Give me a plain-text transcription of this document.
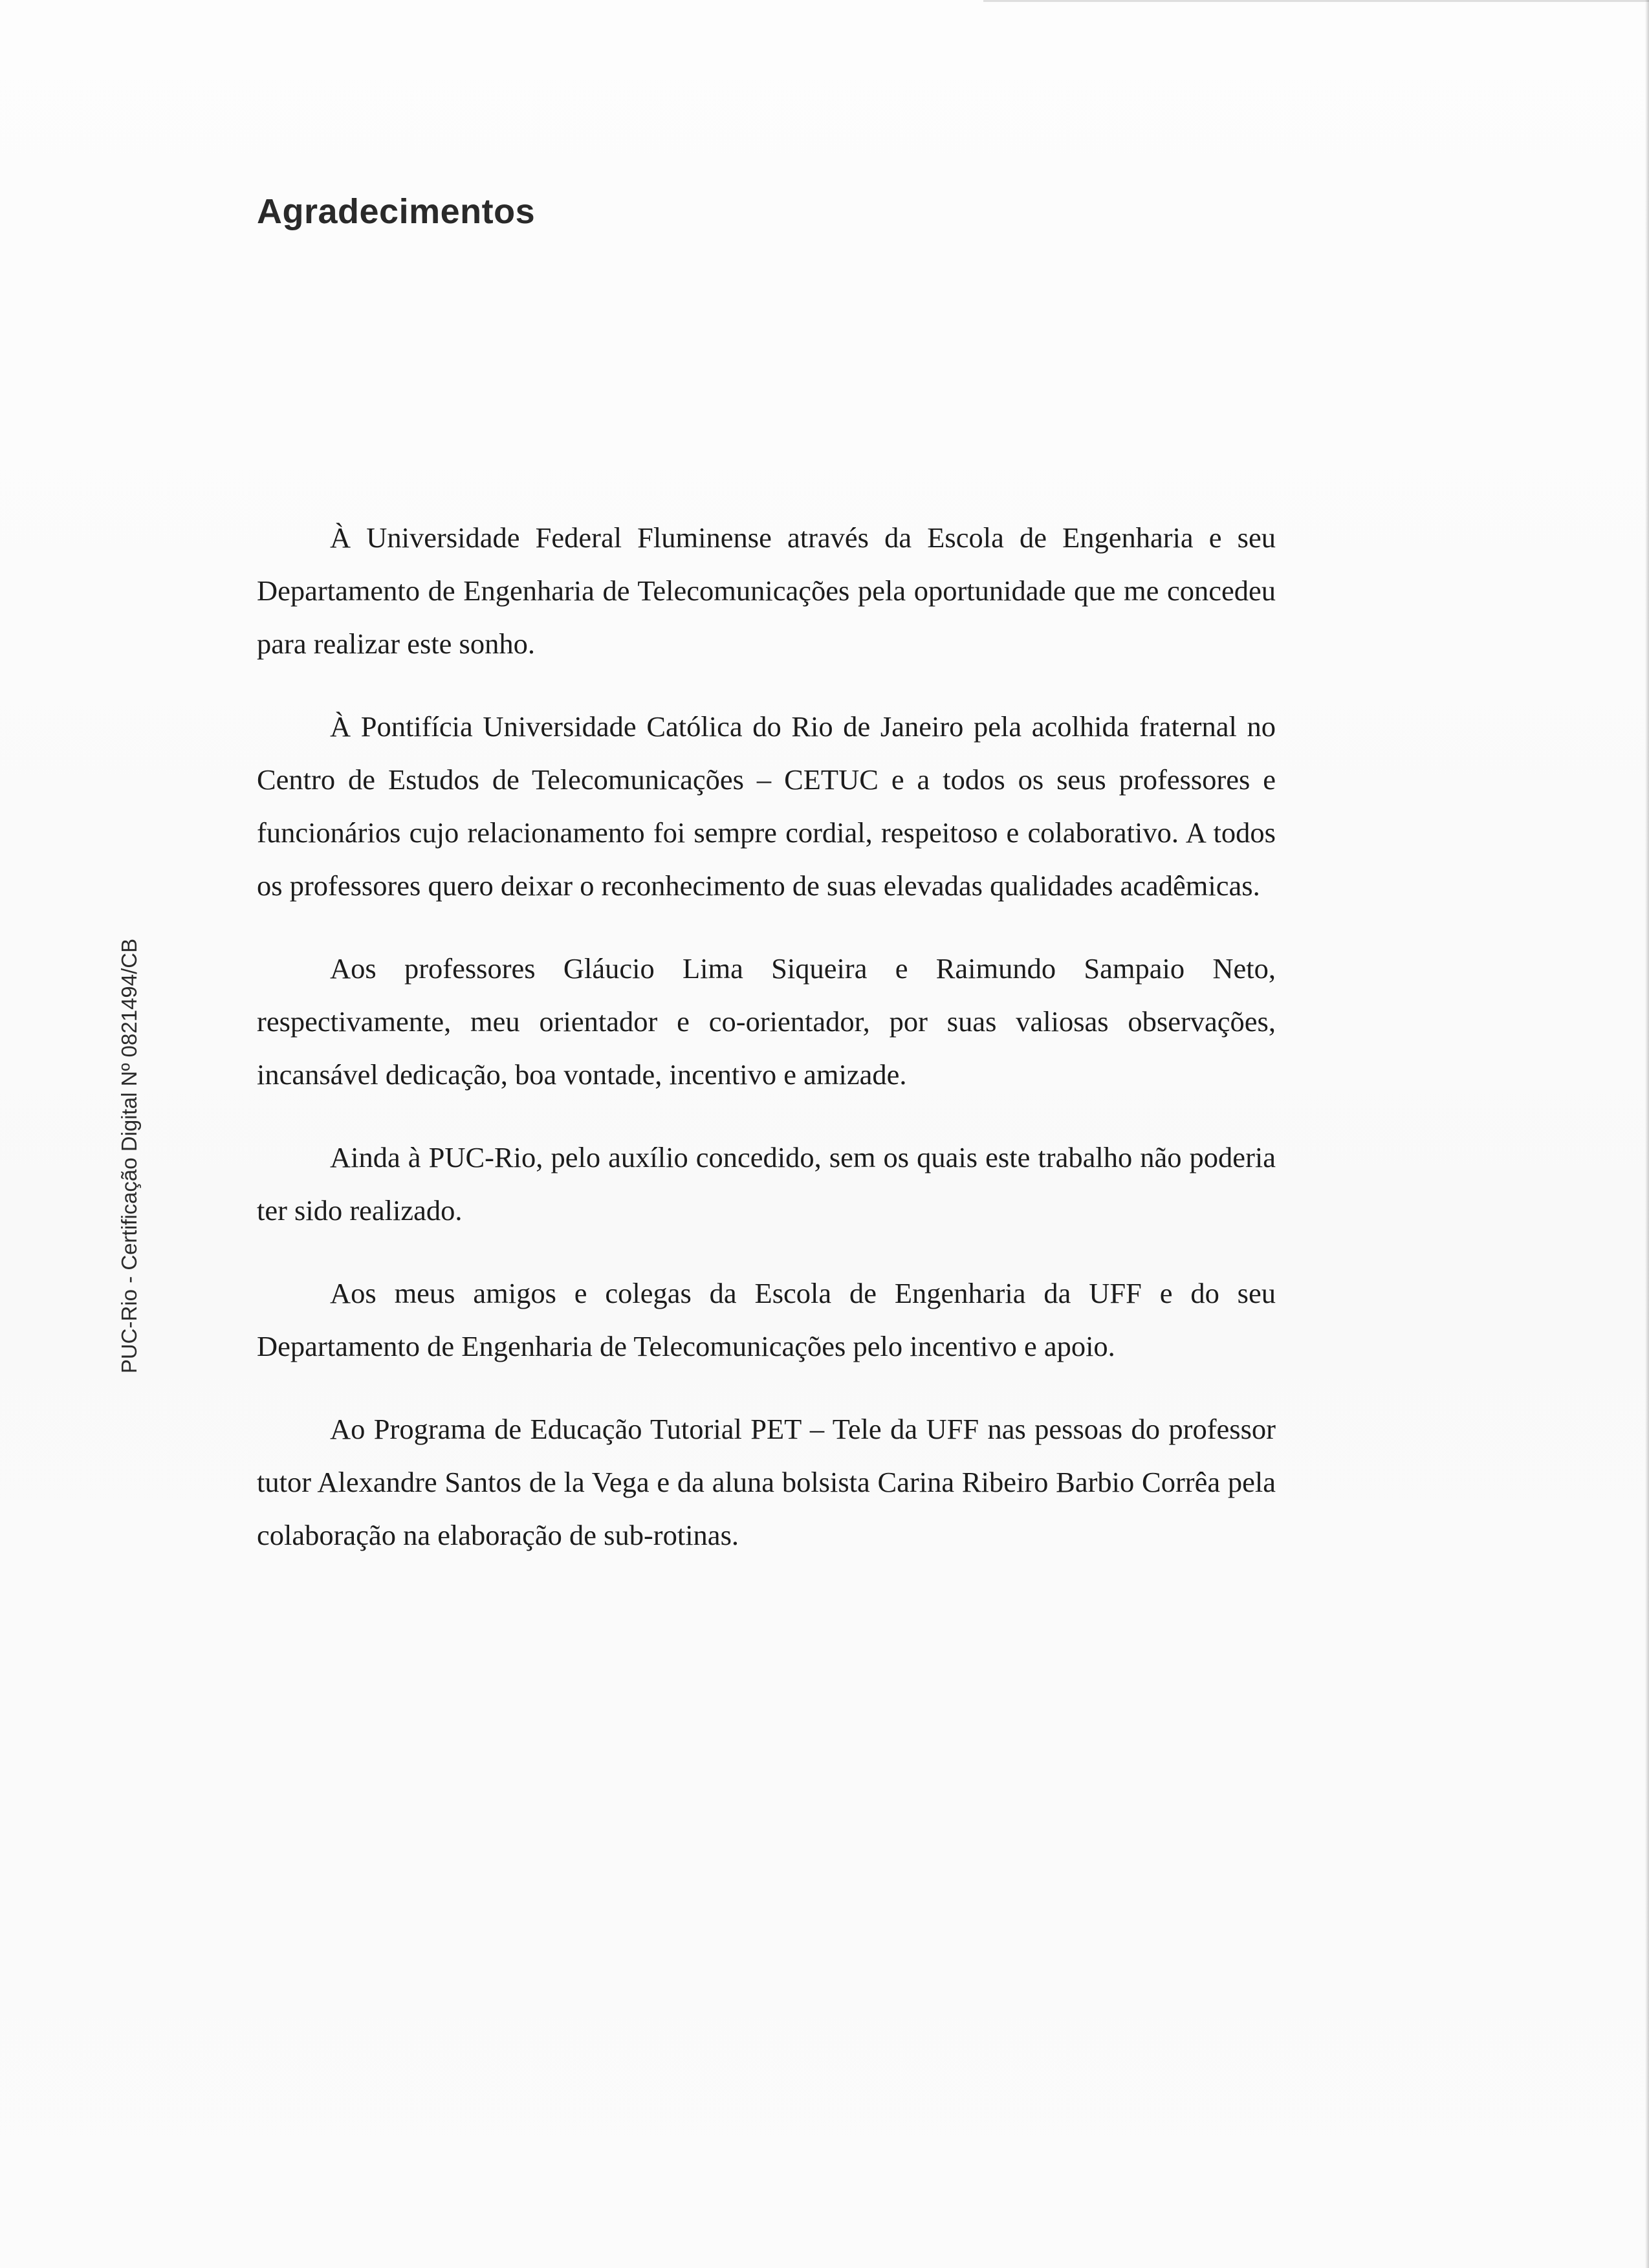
PUC-Rio - Certificação Digital Nº 0821494/CB
Agradecimentos

À Universidade Federal Fluminense através da Escola de Engenharia e seu Departamento de Engenharia de Telecomunicações pela oportunidade que me concedeu para realizar este sonho.

À Pontifícia Universidade Católica do Rio de Janeiro pela acolhida fraternal no Centro de Estudos de Telecomunicações – CETUC e a todos os seus professores e funcionários cujo relacionamento foi sempre cordial, respeitoso e colaborativo. A todos os professores quero deixar o reconhecimento de suas elevadas qualidades acadêmicas.

Aos professores Gláucio Lima Siqueira e Raimundo Sampaio Neto, respectivamente, meu orientador e co-orientador, por suas valiosas observações, incansável dedicação, boa vontade, incentivo e amizade.

Ainda à PUC-Rio, pelo auxílio concedido, sem os quais este trabalho não poderia ter sido realizado.

Aos meus amigos e colegas da Escola de Engenharia da UFF e do seu Departamento de Engenharia de Telecomunicações pelo incentivo e apoio.

Ao Programa de Educação Tutorial PET – Tele da UFF nas pessoas do professor tutor Alexandre Santos de la Vega e da aluna bolsista Carina Ribeiro Barbio Corrêa pela colaboração na elaboração de sub-rotinas.
